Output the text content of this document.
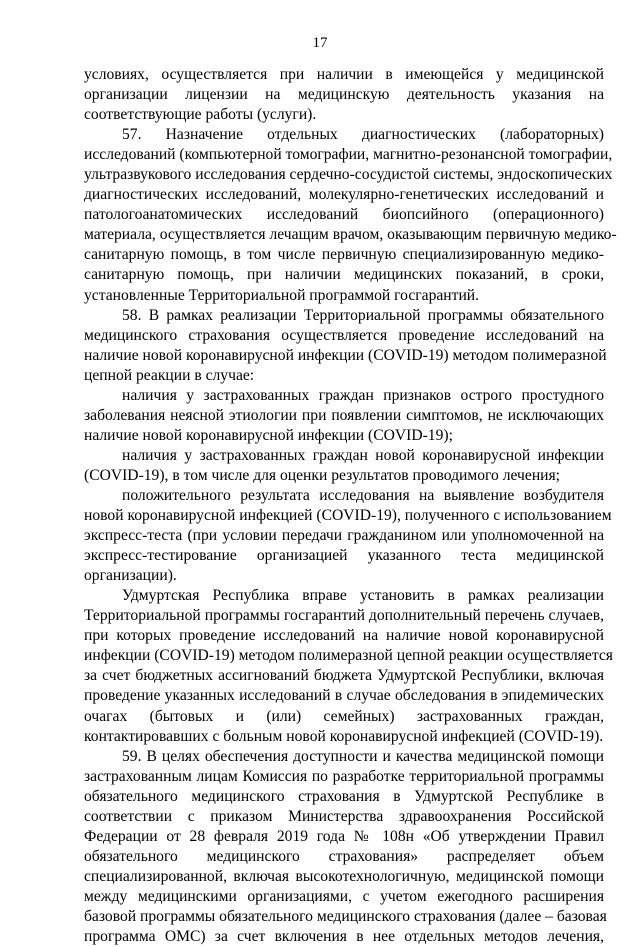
17
условиях, осуществляется при наличии в имеющейся у медицинской
организации лицензии на медицинскую деятельность указания на
соответствующие работы (услуги).
57. Назначение отдельных диагностических (лабораторных)
исследований (компьютерной томографии, магнитно-резонансной томографии,
ультразвукового исследования сердечно-сосудистой системы, эндоскопических
диагностических исследований, молекулярно-генетических исследований и
патологоанатомических исследований биопсийного (операционного)
материала, осуществляется лечащим врачом, оказывающим первичную медико-
санитарную помощь, в том числе первичную специализированную медико-
санитарную помощь, при наличии медицинских показаний, в сроки,
установленные Территориальной программой госгарантий.
58. В рамках реализации Территориальной программы обязательного
медицинского страхования осуществляется проведение исследований на
наличие новой коронавирусной инфекции (COVID-19) методом полимеразной
цепной реакции в случае:
наличия у застрахованных граждан признаков острого простудного
заболевания неясной этиологии при появлении симптомов, не исключающих
наличие новой коронавирусной инфекции (COVID-19);
наличия у застрахованных граждан новой коронавирусной инфекции
(COVID-19), в том числе для оценки результатов проводимого лечения;
положительного результата исследования на выявление возбудителя
новой коронавирусной инфекцией (COVID-19), полученного с использованием
экспресс-теста (при условии передачи гражданином или уполномоченной на
экспресс-тестирование организацией указанного теста медицинской
организации).
Удмуртская Республика вправе установить в рамках реализации
Территориальной программы госгарантий дополнительный перечень случаев,
при которых проведение исследований на наличие новой коронавирусной
инфекции (COVID-19) методом полимеразной цепной реакции осуществляется
за счет бюджетных ассигнований бюджета Удмуртской Республики, включая
проведение указанных исследований в случае обследования в эпидемических
очагах (бытовых и (или) семейных) застрахованных граждан,
контактировавших с больным новой коронавирусной инфекцией (COVID-19).
59. В целях обеспечения доступности и качества медицинской помощи
застрахованным лицам Комиссия по разработке территориальной программы
обязательного медицинского страхования в Удмуртской Республике в
соответствии с приказом Министерства здравоохранения Российской
Федерации от 28 февраля 2019 года № 108н «Об утверждении Правил
обязательного медицинского страхования» распределяет объем
специализированной, включая высокотехнологичную, медицинской помощи
между медицинскими организациями, с учетом ежегодного расширения
базовой программы обязательного медицинского страхования (далее – базовая
программа ОМС) за счет включения в нее отдельных методов лечения,
